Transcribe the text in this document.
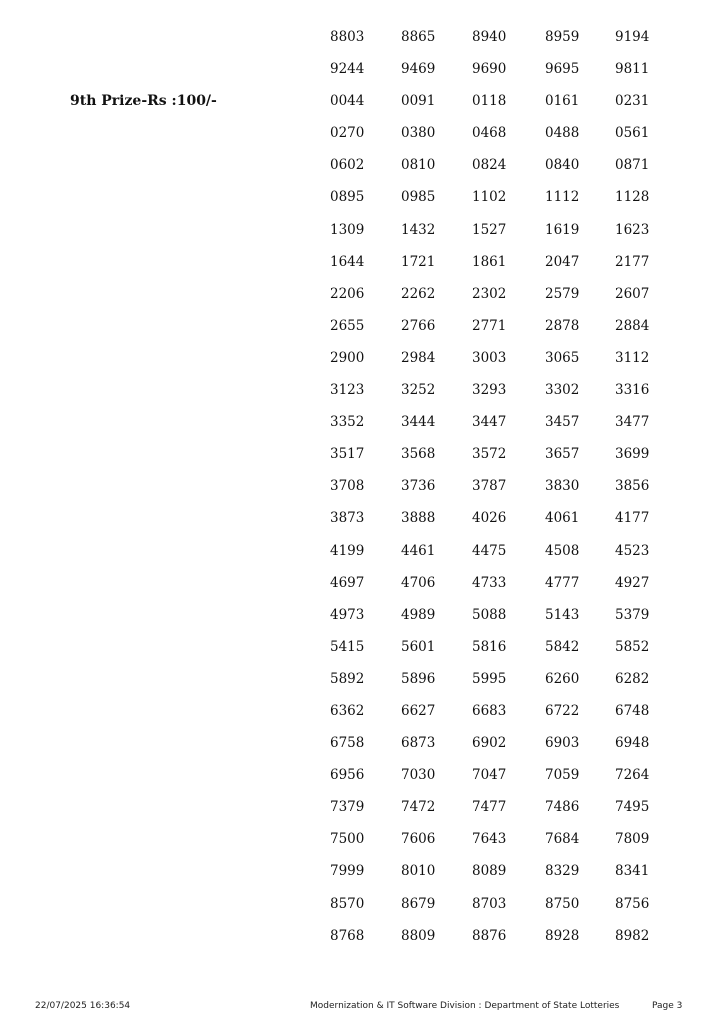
9th Prize-Rs :100/-
8803	8865	8940	8959	9194
9244	9469	9690	9695	9811
0044	0091	0118	0161	0231
0270	0380	0468	0488	0561
0602	0810	0824	0840	0871
0895	0985	1102	1112	1128
1309	1432	1527	1619	1623
1644	1721	1861	2047	2177
2206	2262	2302	2579	2607
2655	2766	2771	2878	2884
2900	2984	3003	3065	3112
3123	3252	3293	3302	3316
3352	3444	3447	3457	3477
3517	3568	3572	3657	3699
3708	3736	3787	3830	3856
3873	3888	4026	4061	4177
4199	4461	4475	4508	4523
4697	4706	4733	4777	4927
4973	4989	5088	5143	5379
5415	5601	5816	5842	5852
5892	5896	5995	6260	6282
6362	6627	6683	6722	6748
6758	6873	6902	6903	6948
6956	7030	7047	7059	7264
7379	7472	7477	7486	7495
7500	7606	7643	7684	7809
7999	8010	8089	8329	8341
8570	8679	8703	8750	8756
8768	8809	8876	8928	8982
22/07/2025 16:36:54	Modernization & IT Software Division : Department of State Lotteries	Page 3
